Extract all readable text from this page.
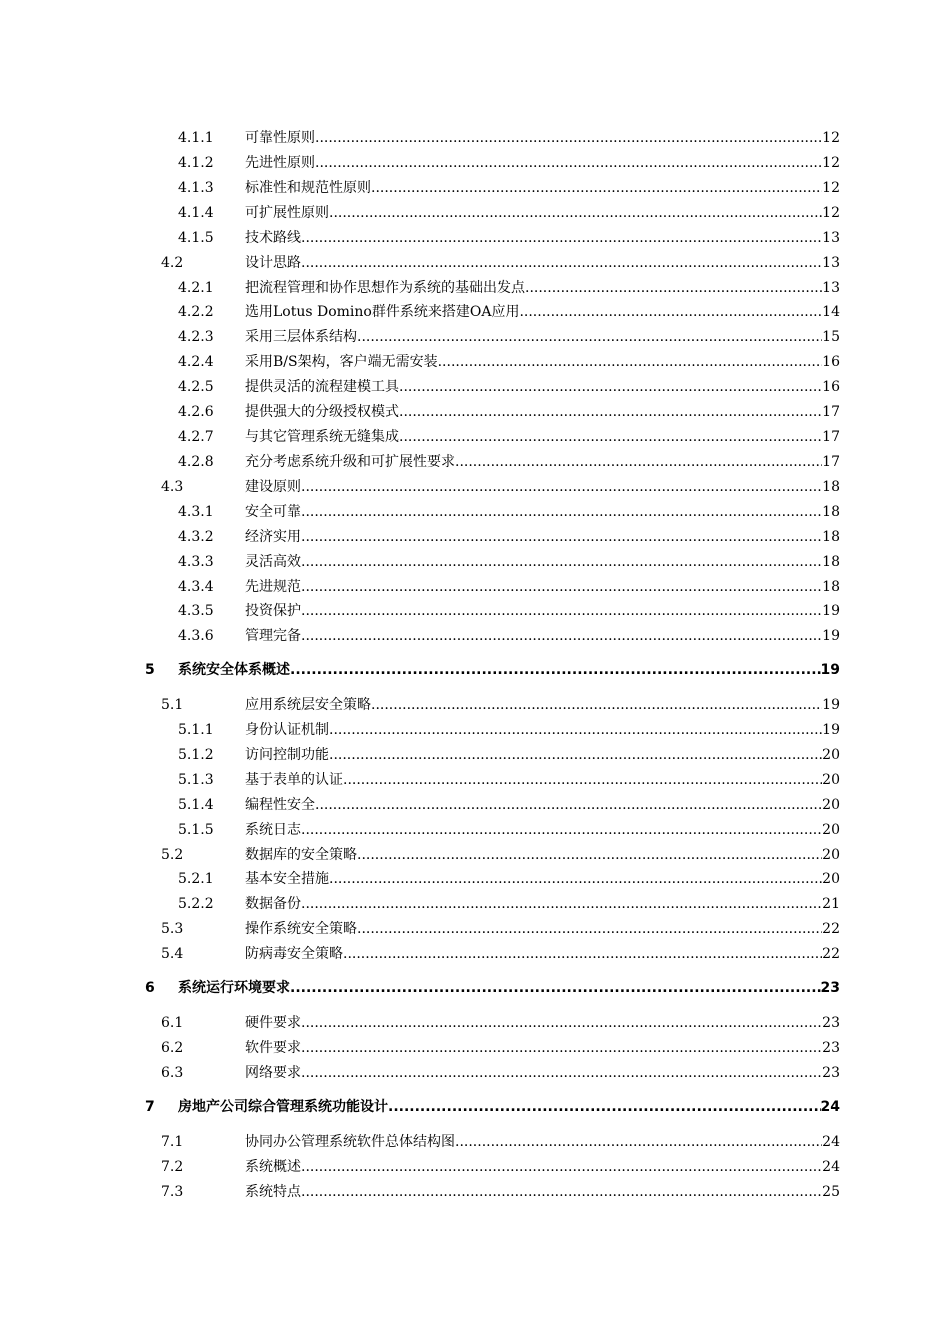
4.1.1 可靠性原则 .....	12
4.1.2 先进性原则 .....	12
4.1.3 标准性和规范性原则 .....	12
4.1.4 可扩展性原则 .....	12
4.1.5 技术路线 .....	13
4.2	设计思路 .....	13
4.2.1 把流程管理和协作思想作为系统的基础出发点 .....	13
4.2.2 选用Lotus Domino群件系统来搭建OA应用 .....	14
4.2.3 采用三层体系结构 .....	15
4.2.4 采用B/S架构，客户端无需安装 .....	16
4.2.5 提供灵活的流程建模工具 .....	16
4.2.6 提供强大的分级授权模式 .....	17
4.2.7 与其它管理系统无缝集成 .....	17
4.2.8 充分考虑系统升级和可扩展性要求 .....	17
4.3	建设原则 .....	18
4.3.1 安全可靠 .....	18
4.3.2 经济实用 .....	18
4.3.3 灵活高效 .....	18
4.3.4 先进规范 .....	18
4.3.5 投资保护 .....	19
4.3.6 管理完备 .....	19
5 系统安全体系概述 .....	19
5.1	应用系统层安全策略 .....	19
5.1.1 身份认证机制 .....	19
5.1.2 访问控制功能 .....	20
5.1.3 基于表单的认证 .....	20
5.1.4 编程性安全 .....	20
5.1.5 系统日志 .....	20
5.2	数据库的安全策略 .....	20
5.2.1 基本安全措施 .....	20
5.2.2 数据备份 .....	21
5.3	操作系统安全策略 .....	22
5.4	防病毒安全策略 .....	22
6 系统运行环境要求 .....	23
6.1	硬件要求 .....	23
6.2	软件要求 .....	23
6.3	网络要求 .....	23
7 房地产公司综合管理系统功能设计 .....	24
7.1	协同办公管理系统软件总体结构图 .....	24
7.2	系统概述 .....	24
7.3	系统特点 .....	25
